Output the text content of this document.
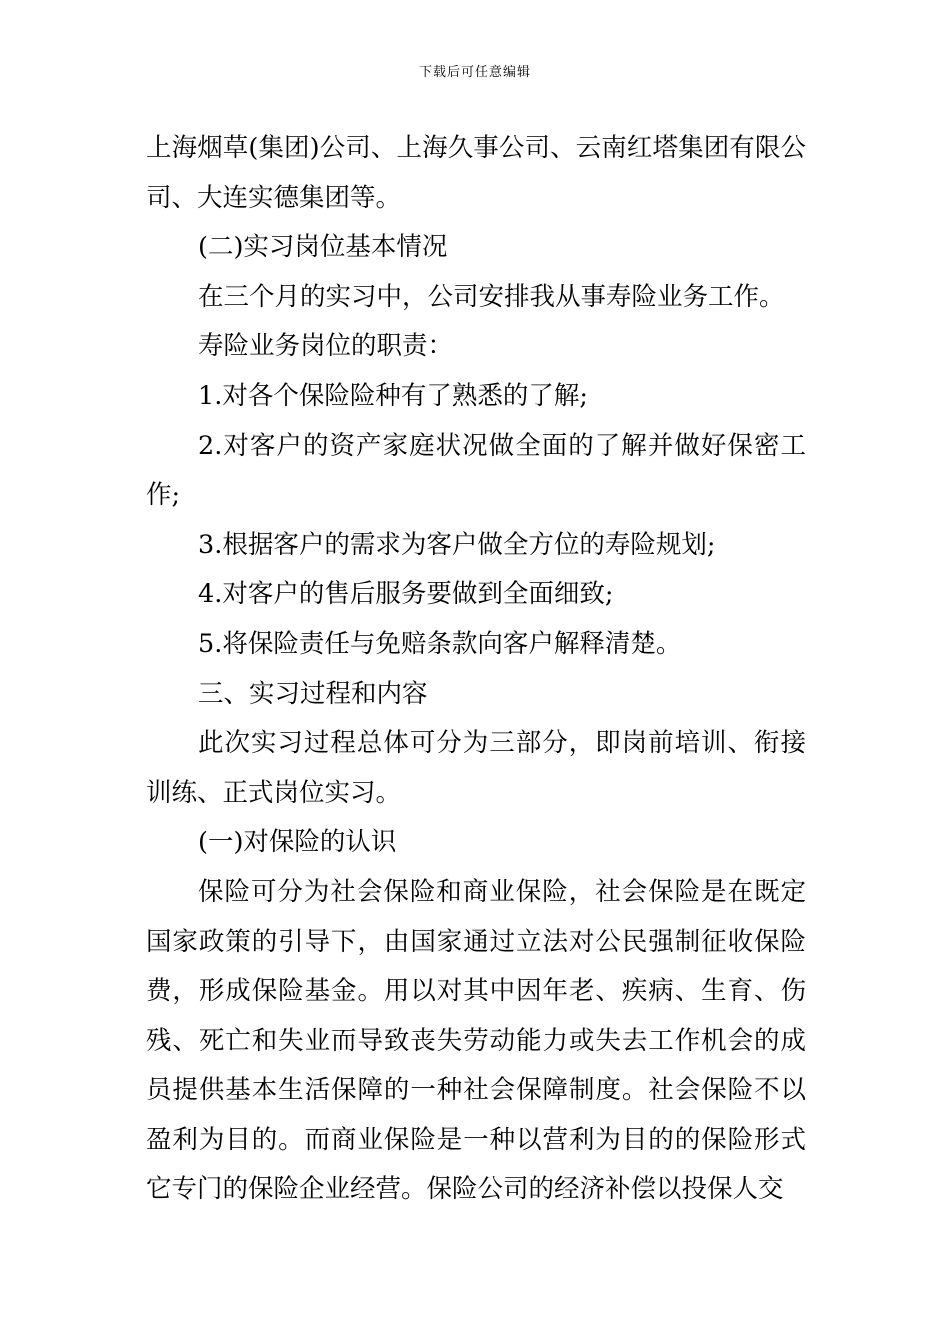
下载后可任意编辑

上海烟草(集团)公司、上海久事公司、云南红塔集团有限公司、大连实德集团等。

(二)实习岗位基本情况

在三个月的实习中，公司安排我从事寿险业务工作。

寿险业务岗位的职责：

1.对各个保险险种有了熟悉的了解;

2.对客户的资产家庭状况做全面的了解并做好保密工作;

3.根据客户的需求为客户做全方位的寿险规划;

4.对客户的售后服务要做到全面细致;

5.将保险责任与免赔条款向客户解释清楚。

三、实习过程和内容

此次实习过程总体可分为三部分，即岗前培训、衔接训练、正式岗位实习。

(一)对保险的认识

保险可分为社会保险和商业保险，社会保险是在既定国家政策的引导下，由国家通过立法对公民强制征收保险费，形成保险基金。用以对其中因年老、疾病、生育、伤残、死亡和失业而导致丧失劳动能力或失去工作机会的成员提供基本生活保障的一种社会保障制度。社会保险不以盈利为目的。而商业保险是一种以营利为目的的保险形式它专门的保险企业经营。保险公司的经济补偿以投保人交
